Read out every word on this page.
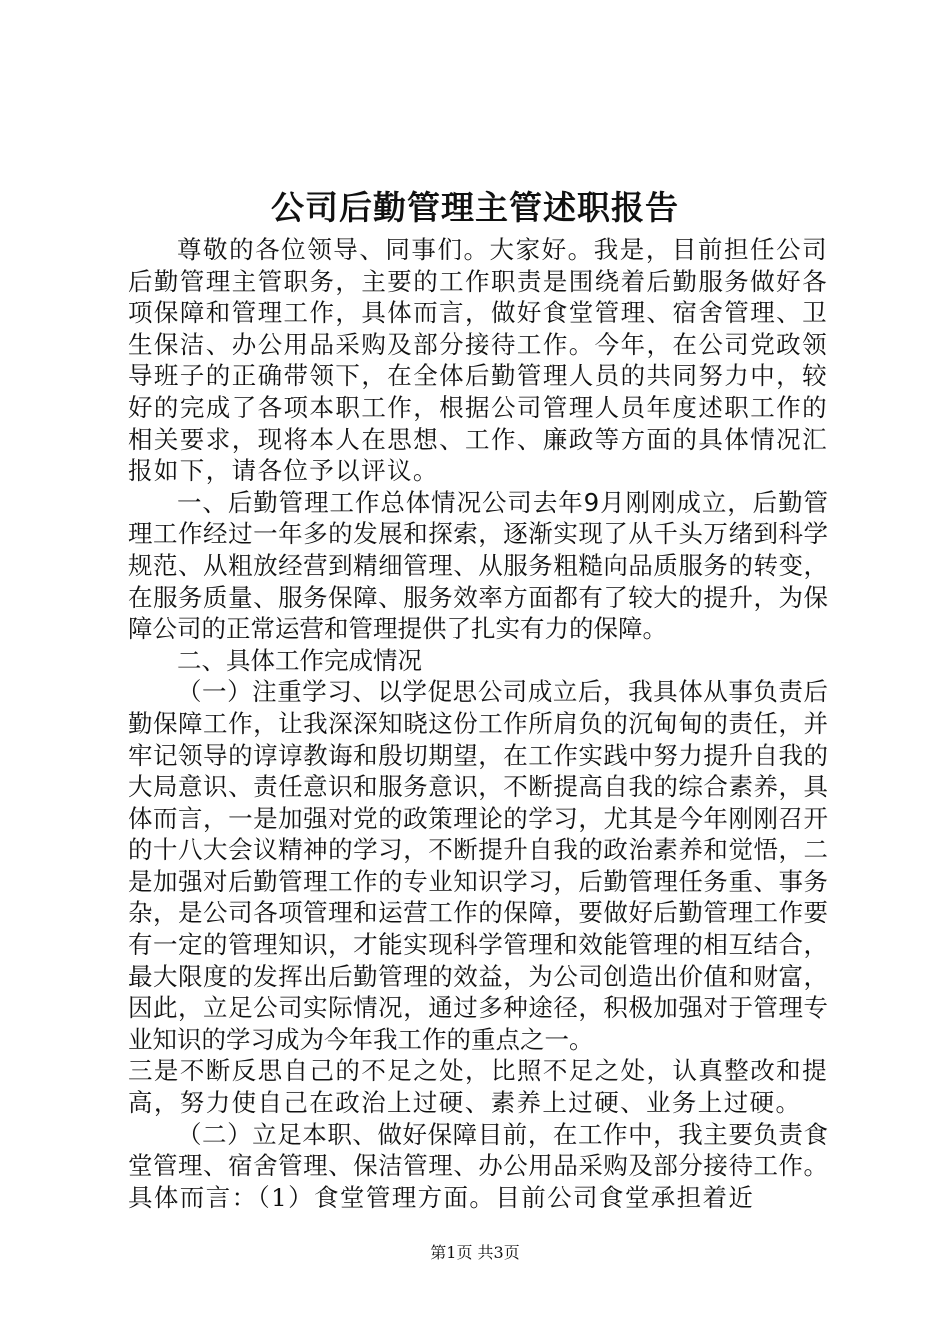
公司后勤管理主管述职报告

尊敬的各位领导、同事们。大家好。我是，目前担任公司后勤管理主管职务，主要的工作职责是围绕着后勤服务做好各项保障和管理工作，具体而言，做好食堂管理、宿舍管理、卫生保洁、办公用品采购及部分接待工作。今年，在公司党政领导班子的正确带领下，在全体后勤管理人员的共同努力中，较好的完成了各项本职工作，根据公司管理人员年度述职工作的相关要求，现将本人在思想、工作、廉政等方面的具体情况汇报如下，请各位予以评议。

一、后勤管理工作总体情况公司去年9月刚刚成立，后勤管理工作经过一年多的发展和探索，逐渐实现了从千头万绪到科学规范、从粗放经营到精细管理、从服务粗糙向品质服务的转变，在服务质量、服务保障、服务效率方面都有了较大的提升，为保障公司的正常运营和管理提供了扎实有力的保障。

二、具体工作完成情况

（一）注重学习、以学促思公司成立后，我具体从事负责后勤保障工作，让我深深知晓这份工作所肩负的沉甸甸的责任，并牢记领导的谆谆教诲和殷切期望，在工作实践中努力提升自我的大局意识、责任意识和服务意识，不断提高自我的综合素养，具体而言，一是加强对党的政策理论的学习，尤其是今年刚刚召开的十八大会议精神的学习，不断提升自我的政治素养和觉悟，二是加强对后勤管理工作的专业知识学习，后勤管理任务重、事务杂，是公司各项管理和运营工作的保障，要做好后勤管理工作要有一定的管理知识，才能实现科学管理和效能管理的相互结合，最大限度的发挥出后勤管理的效益，为公司创造出价值和财富，因此，立足公司实际情况，通过多种途径，积极加强对于管理专业知识的学习成为今年我工作的重点之一。

三是不断反思自己的不足之处，比照不足之处，认真整改和提高，努力使自己在政治上过硬、素养上过硬、业务上过硬。

（二）立足本职、做好保障目前，在工作中，我主要负责食堂管理、宿舍管理、保洁管理、办公用品采购及部分接待工作。具体而言：（1）食堂管理方面。目前公司食堂承担着近

第1页 共3页
